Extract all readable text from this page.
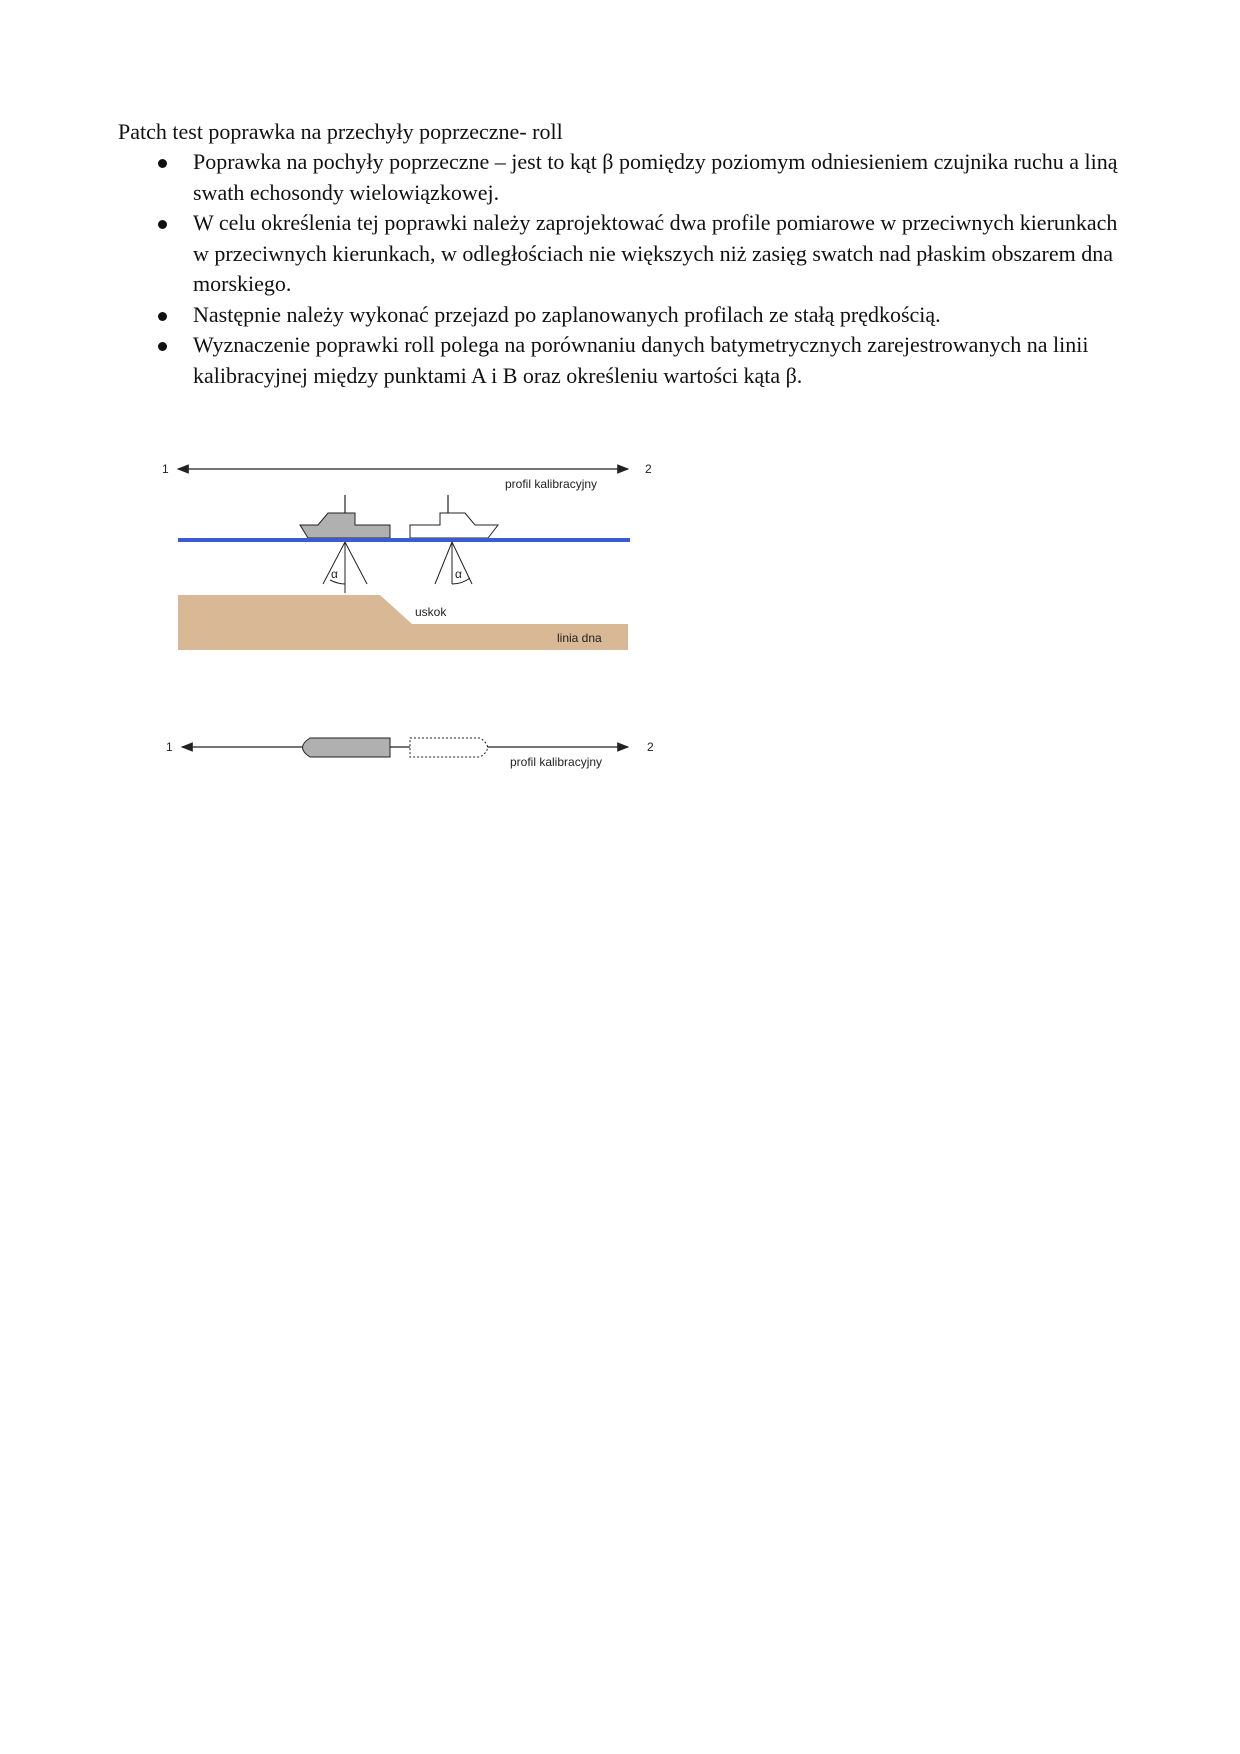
Patch test poprawka na przechyły poprzeczne- roll
Poprawka na pochyły poprzeczne – jest to kąt β pomiędzy poziomym odniesieniem czujnika ruchu a liną swath echosondy wielowiązkowej.
W celu określenia tej poprawki należy zaprojektować dwa profile pomiarowe w przeciwnych kierunkach w przeciwnych kierunkach, w odległościach nie większych niż zasięg swatch nad płaskim obszarem dna morskiego.
Następnie należy wykonać przejazd po zaplanowanych profilach ze stałą prędkością.
Wyznaczenie poprawki roll polega na porównaniu danych batymetrycznych zarejestrowanych na linii kalibracyjnej między punktami A i B oraz określeniu wartości kąta β.
1	2
profil kalibracyjny
α	α
uskok
linia dna
1	2
profil kalibracyjny
